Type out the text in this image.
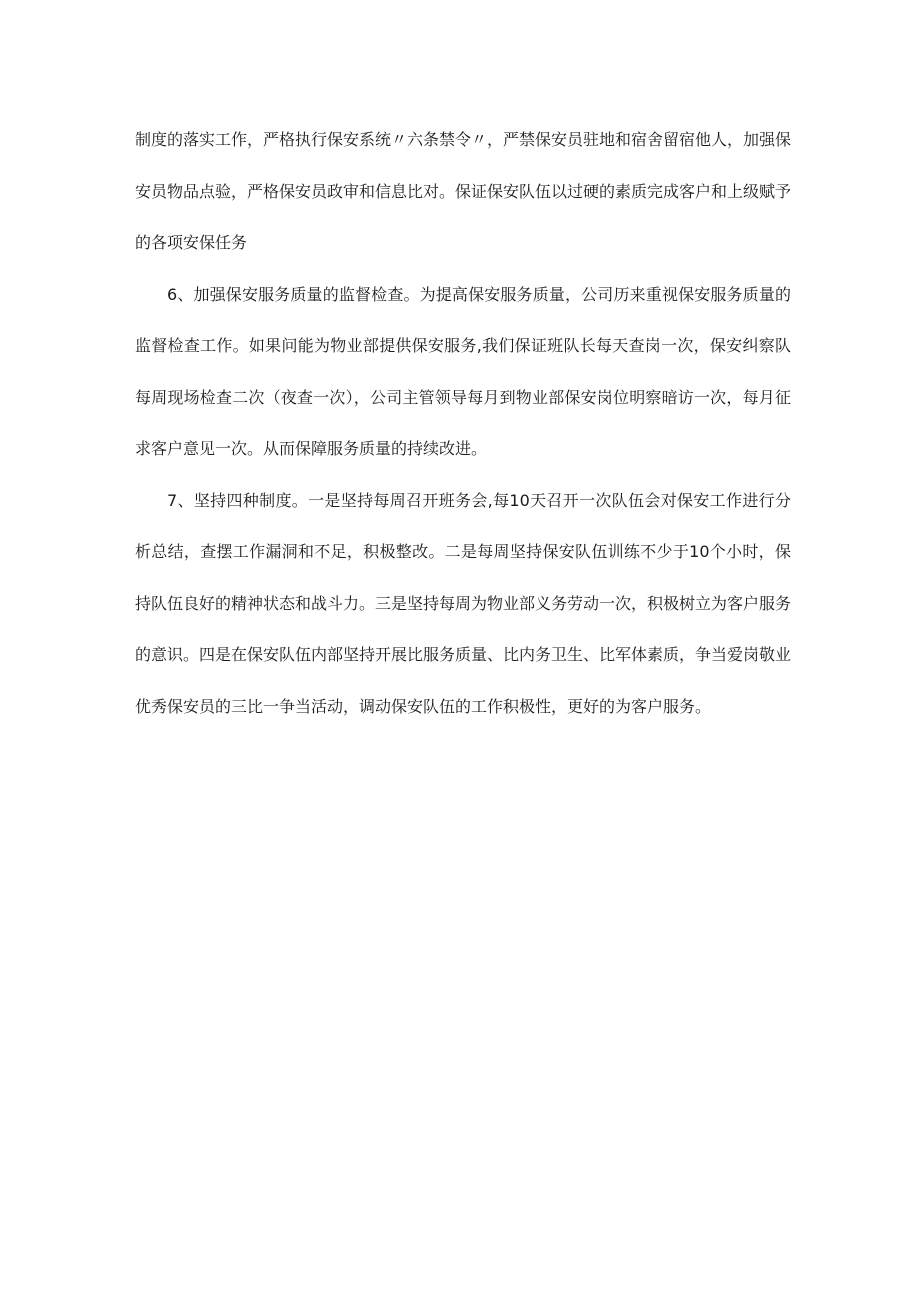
制度的落实工作，严格执行保安系统〃六条禁令〃，严禁保安员驻地和宿舍留宿他人，加强保安员物品点验，严格保安员政审和信息比对。保证保安队伍以过硬的素质完成客户和上级赋予的各项安保任务

6、加强保安服务质量的监督检查。为提高保安服务质量，公司历来重视保安服务质量的监督检查工作。如果问能为物业部提供保安服务,我们保证班队长每天查岗一次，保安纠察队每周现场检查二次（夜查一次），公司主管领导每月到物业部保安岗位明察暗访一次，每月征求客户意见一次。从而保障服务质量的持续改进。

7、坚持四种制度。一是坚持每周召开班务会,每10天召开一次队伍会对保安工作进行分析总结，查摆工作漏洞和不足，积极整改。二是每周坚持保安队伍训练不少于10个小时，保持队伍良好的精神状态和战斗力。三是坚持每周为物业部义务劳动一次，积极树立为客户服务的意识。四是在保安队伍内部坚持开展比服务质量、比内务卫生、比军体素质，争当爱岗敬业优秀保安员的三比一争当活动，调动保安队伍的工作积极性，更好的为客户服务。
